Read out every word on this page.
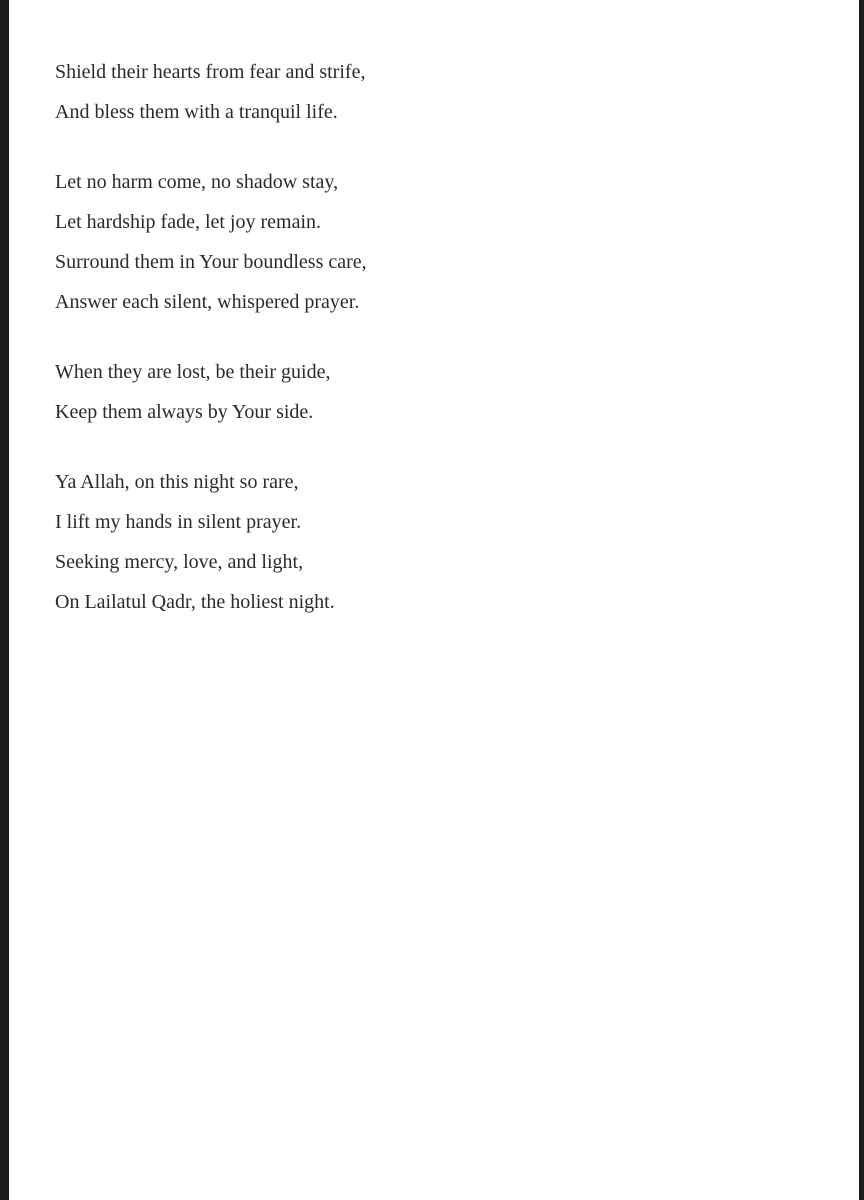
Shield their hearts from fear and strife,
And bless them with a tranquil life.
Let no harm come, no shadow stay,
Let hardship fade, let joy remain.
Surround them in Your boundless care,
Answer each silent, whispered prayer.
When they are lost, be their guide,
Keep them always by Your side.
Ya Allah, on this night so rare,
I lift my hands in silent prayer.
Seeking mercy, love, and light,
On Lailatul Qadr, the holiest night.
